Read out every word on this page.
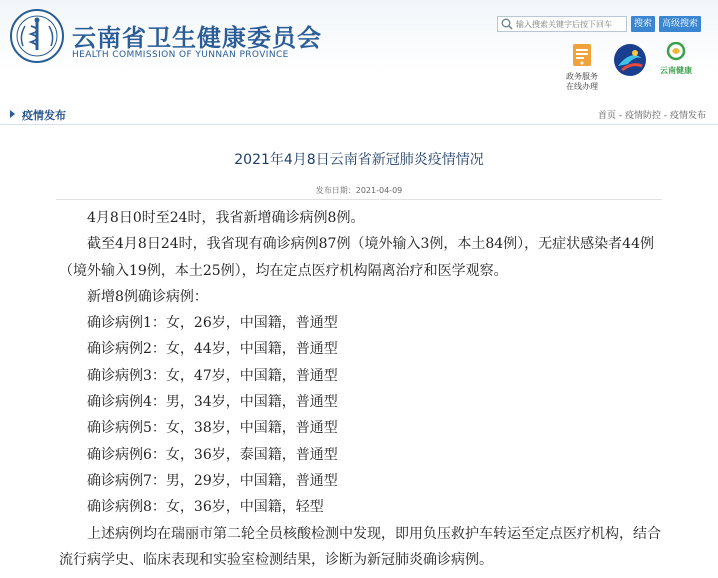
云南省卫生健康委员会
HEALTH COMMISSION OF YUNNAN PROVINCE
输入搜索关键字后按下回车
搜索	高级搜索
政务服务
在线办理
云南健康
疫情发布	首页 - 疫情防控 - 疫情发布
2021年4月8日云南省新冠肺炎疫情情况
发布日期：2021-04-09

4月8日0时至24时，我省新增确诊病例8例。

截至4月8日24时，我省现有确诊病例87例（境外输入3例，本土84例），无症状感染者44例（境外输入19例，本土25例），均在定点医疗机构隔离治疗和医学观察。

新增8例确诊病例：

确诊病例1：女，26岁，中国籍，普通型

确诊病例2：女，44岁，中国籍，普通型

确诊病例3：女，47岁，中国籍，普通型

确诊病例4：男，34岁，中国籍，普通型

确诊病例5：女，38岁，中国籍，普通型

确诊病例6：女，36岁，泰国籍，普通型

确诊病例7：男，29岁，中国籍，普通型

确诊病例8：女，36岁，中国籍，轻型

上述病例均在瑞丽市第二轮全员核酸检测中发现，即用负压救护车转运至定点医疗机构，结合流行病学史、临床表现和实验室检测结果，诊断为新冠肺炎确诊病例。
